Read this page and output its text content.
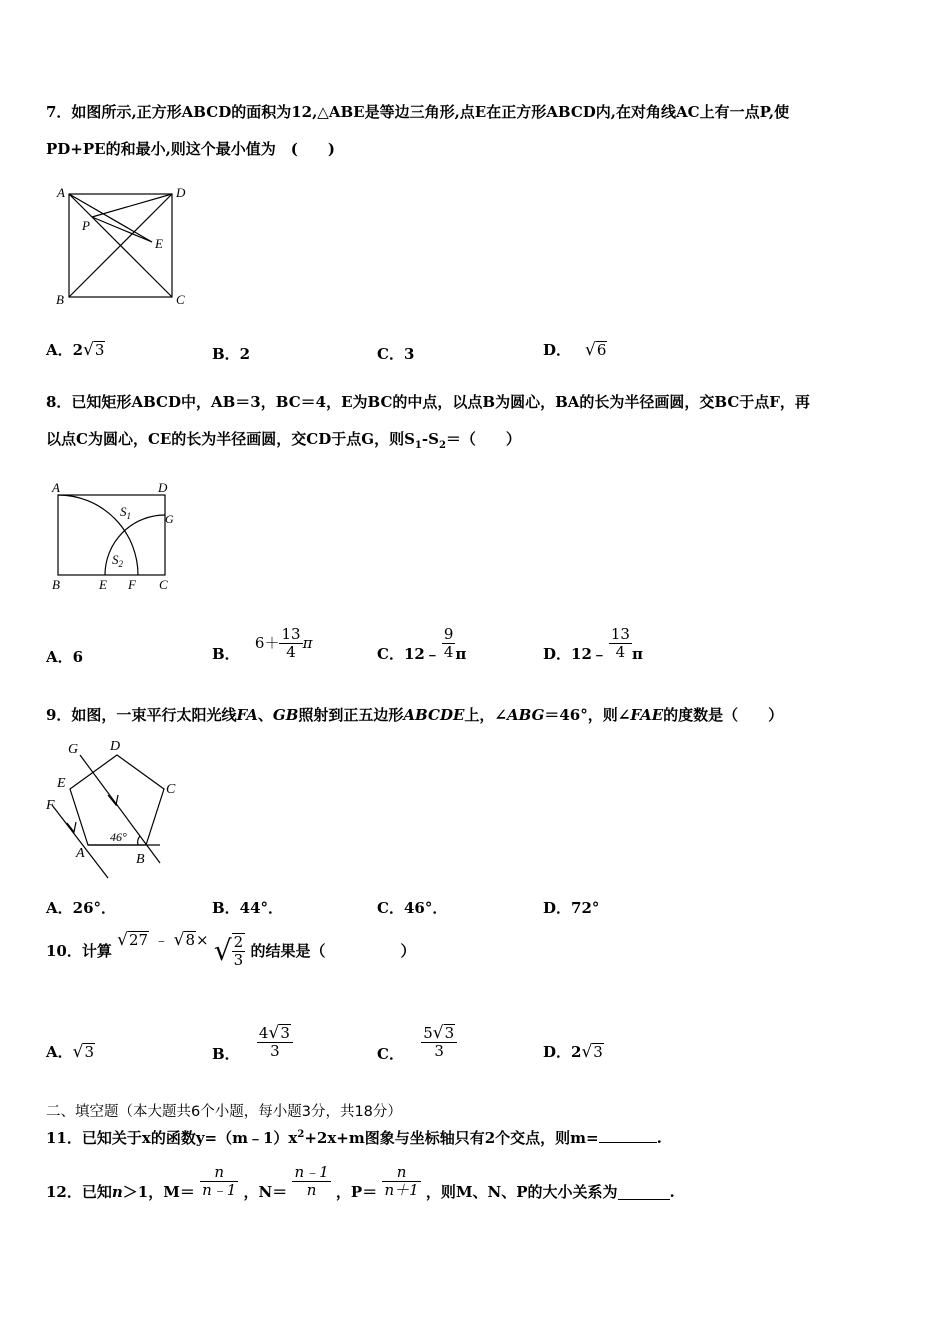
7．如图所示,正方形ABCD的面积为12,△ABE是等边三角形,点E在正方形ABCD内,在对角线AC上有一点P,使
PD+PE的和最小,则这个最小值为　(　　)
A	D
B	C
P
E
A．2√3	B．2	C．3	D． √6
8．已知矩形ABCD中，AB＝3，BC＝4，E为BC的中点，以点B为圆心，BA的长为半径画圆，交BC于点F，再
以点C为圆心，CE的长为半径画圆，交CD于点G，则$S_1-S_2=$（　　）
A	D
B	E F C
G
$S_1$
$S_2$
A．6	B． $6+ \frac{13}{4}$ π
C．12﹣ $\frac{9}{4}$ π	D．12﹣ $\frac{13}{4}$ π
9．如图，一束平行太阳光线FA、GB照射到正五边形ABCDE上，∠ABG＝46°，则∠FAE的度数是（　　）
G D
E	C
F
A	B
46°
A．26°．	B．44°．	C．46°．	D．72°
10．计算 √27 ﹣ √8× √ $\frac{2}{3}$ 的结果是（　　　　　）
A．√3	B． $\frac{4√3}{3}$	C． $\frac{5√3}{3}$	D．2√3
二、填空题（本大题共6个小题，每小题3分，共18分）
11．已知关于x的函数$y=(m﹣1)x^2+2x+m$图象与坐标轴只有2个交点，则m=	.
12．已知n＞1，$M= \frac{n}{n﹣1}$ ，$N= \frac{n﹣1}{n}$ ，$P= \frac{n}{n+1}$ ，则M、N、P的大小关系为	.
